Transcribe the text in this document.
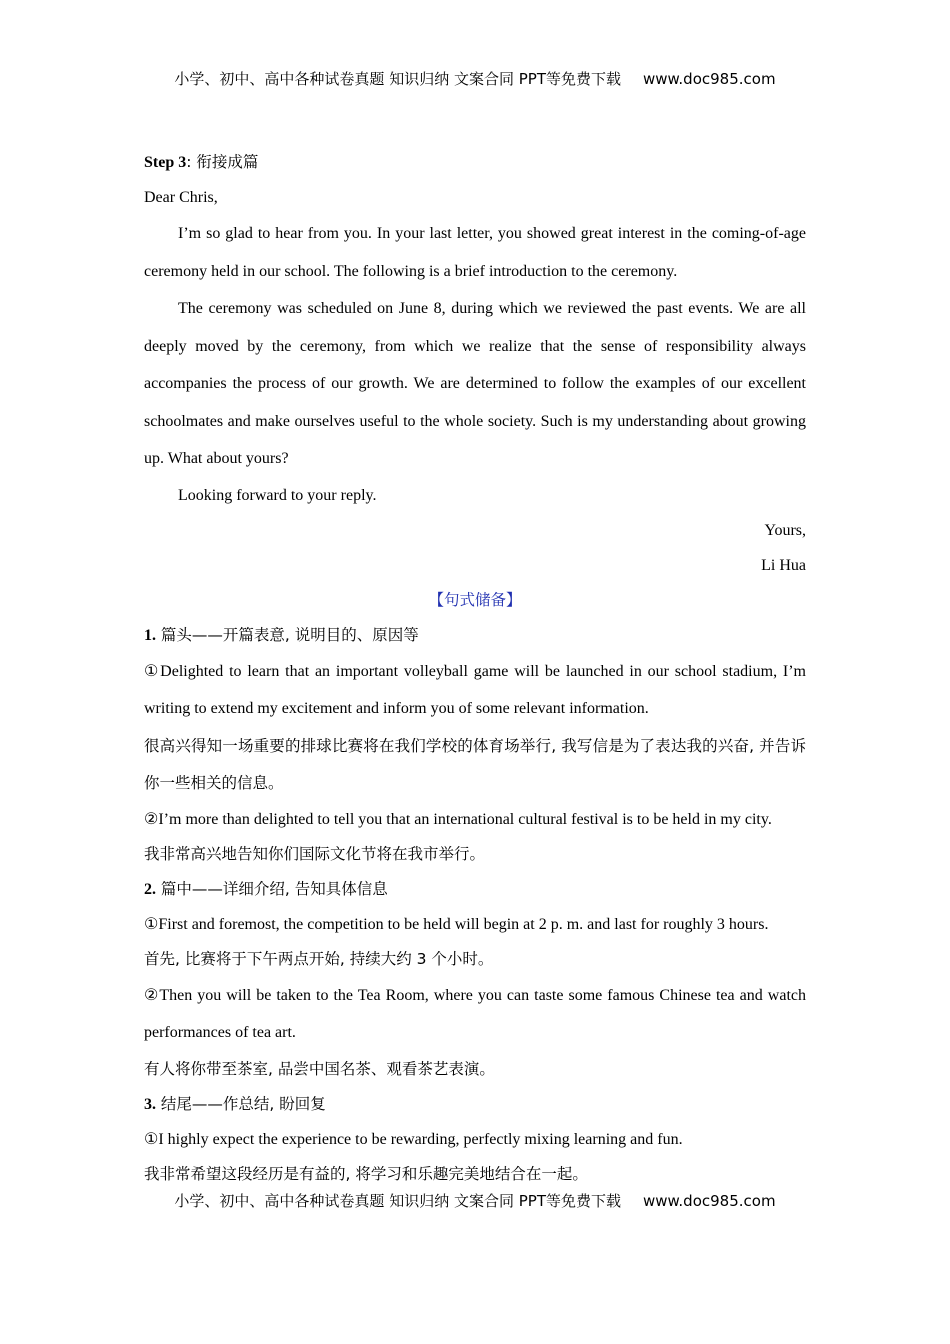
小学、初中、高中各种试卷真题 知识归纳 文案合同 PPT等免费下载 www.doc985.com
Step 3: 衔接成篇
Dear Chris,
I’m so glad to hear from you. In your last letter, you showed great interest in the coming-of-age ceremony held in our school. The following is a brief introduction to the ceremony.
The ceremony was scheduled on June 8, during which we reviewed the past events. We are all deeply moved by the ceremony, from which we realize that the sense of responsibility always accompanies the process of our growth. We are determined to follow the examples of our excellent schoolmates and make ourselves useful to the whole society. Such is my understanding about growing up. What about yours?
Looking forward to your reply.
Yours,
Li Hua
【句式储备】
1. 篇头——开篇表意, 说明目的、原因等
①Delighted to learn that an important volleyball game will be launched in our school stadium, I’m writing to extend my excitement and inform you of some relevant information.
很高兴得知一场重要的排球比赛将在我们学校的体育场举行, 我写信是为了表达我的兴奋, 并告诉你一些相关的信息。
②I’m more than delighted to tell you that an international cultural festival is to be held in my city.
我非常高兴地告知你们国际文化节将在我市举行。
2. 篇中——详细介绍, 告知具体信息
①First and foremost, the competition to be held will begin at 2 p. m. and last for roughly 3 hours.
首先, 比赛将于下午两点开始, 持续大约 3 个小时。
②Then you will be taken to the Tea Room, where you can taste some famous Chinese tea and watch performances of tea art.
有人将你带至茶室, 品尝中国名茶、观看茶艺表演。
3. 结尾——作总结, 盼回复
①I highly expect the experience to be rewarding, perfectly mixing learning and fun.
我非常希望这段经历是有益的, 将学习和乐趣完美地结合在一起。
小学、初中、高中各种试卷真题 知识归纳 文案合同 PPT等免费下载 www.doc985.com
